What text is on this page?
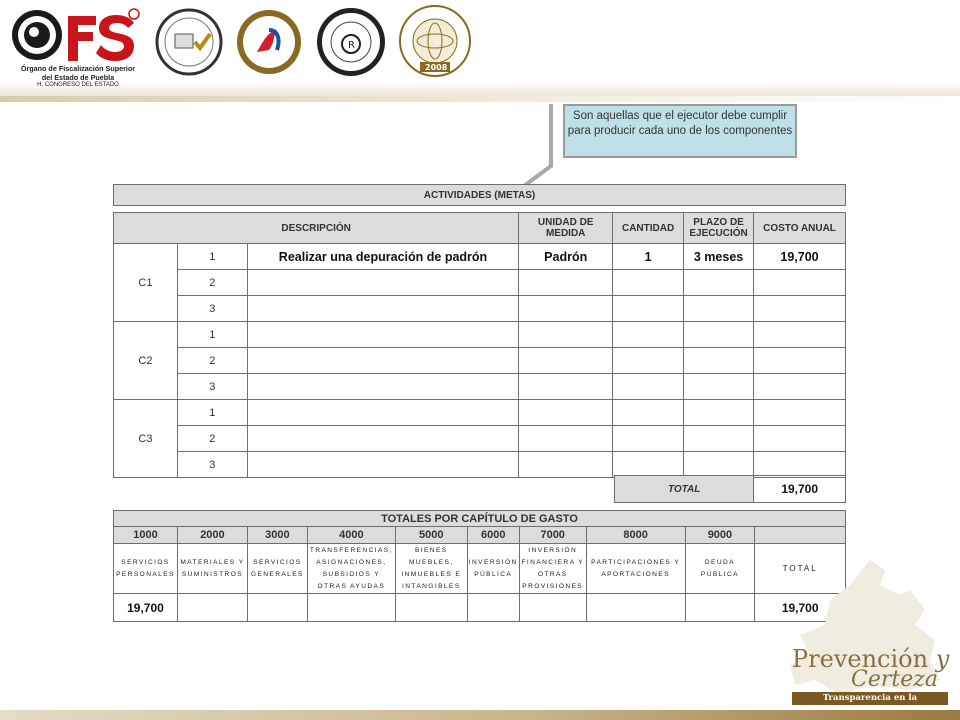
Órgano de Fiscalización Superior
del Estado de Puebla
H. CONGRESO DEL ESTADO
R
2008
Son aquellas que el ejecutor debe cumplir para producir cada uno de los componentes
ACTIVIDADES (METAS)
DESCRIPCIÓN			UNIDAD DE MEDIDA	CANTIDAD	PLAZO DE EJECUCIÓN	COSTO ANUAL
C1	1	Realizar una depuración de padrón	Padrón	1	3 meses	19,700
	2					
	3					
C2	1					
	2					
	3					
C3	1					
	2					
	3					
TOTAL	19,700
TOTALES POR CAPÍTULO DE GASTO									
1000	2000	3000	4000	5000	6000	7000	8000	9000	
SERVICIOS PERSONALES	MATERIALES Y SUMINISTROS	SERVICIOS GENERALES	TRANSFERENCIAS, ASIGNACIONES, SUBSIDIOS Y OTRAS AYUDAS	BIENES MUEBLES, INMUEBLES E INTANGIBLES	INVERSIÓN PÚBLICA	INVERSIÓN FINANCIERA Y OTRAS PROVISIONES	PARTICIPACIONES Y APORTACIONES	DEUDA PÚBLICA	TOTAL
19,700									19,700
Prevención y
Certeza
Transparencia en la
